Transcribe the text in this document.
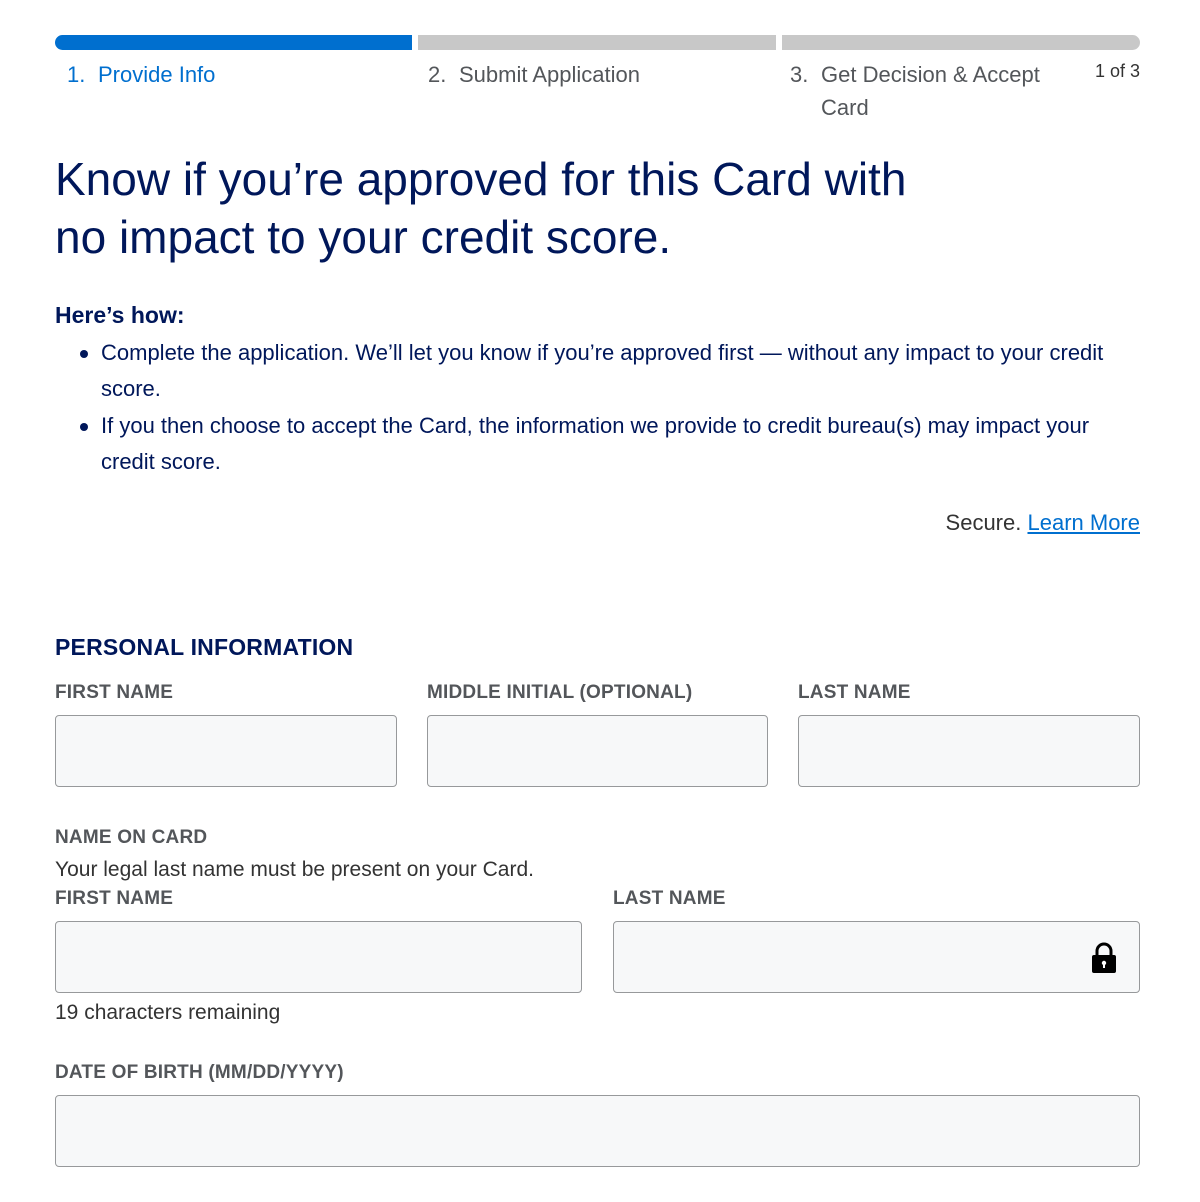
1. Provide Info	2. Submit Application	3. Get Decision & Accept Card
1 of 3
Know if you’re approved for this Card with no impact to your credit score.
Here’s how:
Complete the application. We’ll let you know if you’re approved first — without any impact to your credit score.
If you then choose to accept the Card, the information we provide to credit bureau(s) may impact your credit score.
Secure. Learn More
PERSONAL INFORMATION
FIRST NAME	MIDDLE INITIAL (OPTIONAL)	LAST NAME
NAME ON CARD
Your legal last name must be present on your Card.
FIRST NAME	LAST NAME
19 characters remaining
DATE OF BIRTH (MM/DD/YYYY)
